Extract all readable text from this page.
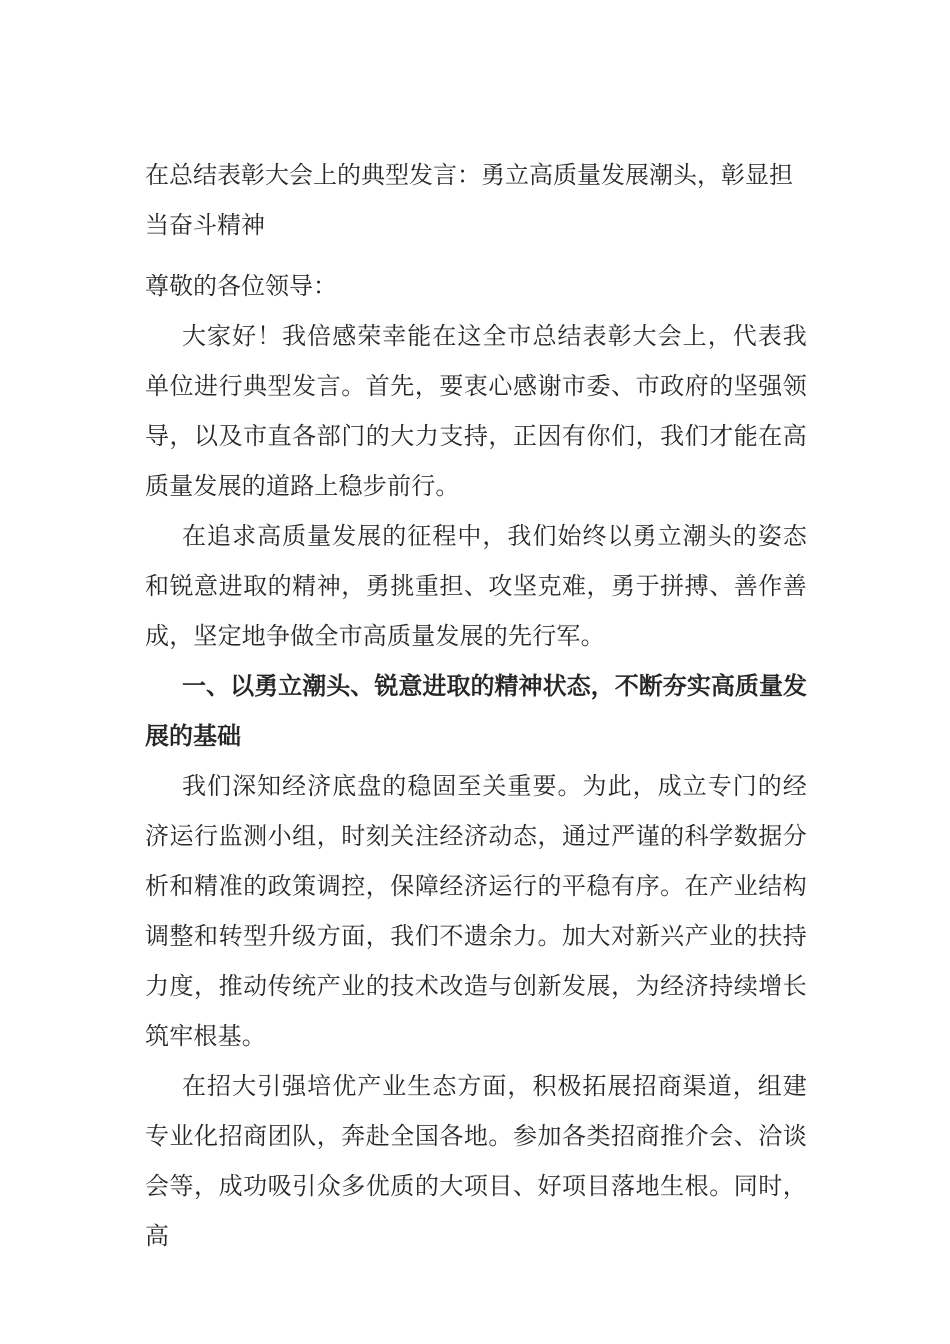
在总结表彰大会上的典型发言：勇立高质量发展潮头，彰显担当奋斗精神

尊敬的各位领导：

大家好！我倍感荣幸能在这全市总结表彰大会上，代表我单位进行典型发言。首先，要衷心感谢市委、市政府的坚强领导，以及市直各部门的大力支持，正因有你们，我们才能在高质量发展的道路上稳步前行。

在追求高质量发展的征程中，我们始终以勇立潮头的姿态和锐意进取的精神，勇挑重担、攻坚克难，勇于拼搏、善作善成，坚定地争做全市高质量发展的先行军。

一、以勇立潮头、锐意进取的精神状态，不断夯实高质量发展的基础

我们深知经济底盘的稳固至关重要。为此，成立专门的经济运行监测小组，时刻关注经济动态，通过严谨的科学数据分析和精准的政策调控，保障经济运行的平稳有序。在产业结构调整和转型升级方面，我们不遗余力。加大对新兴产业的扶持力度，推动传统产业的技术改造与创新发展，为经济持续增长筑牢根基。

在招大引强培优产业生态方面，积极拓展招商渠道，组建专业化招商团队，奔赴全国各地。参加各类招商推介会、洽谈会等，成功吸引众多优质的大项目、好项目落地生根。同时，高
